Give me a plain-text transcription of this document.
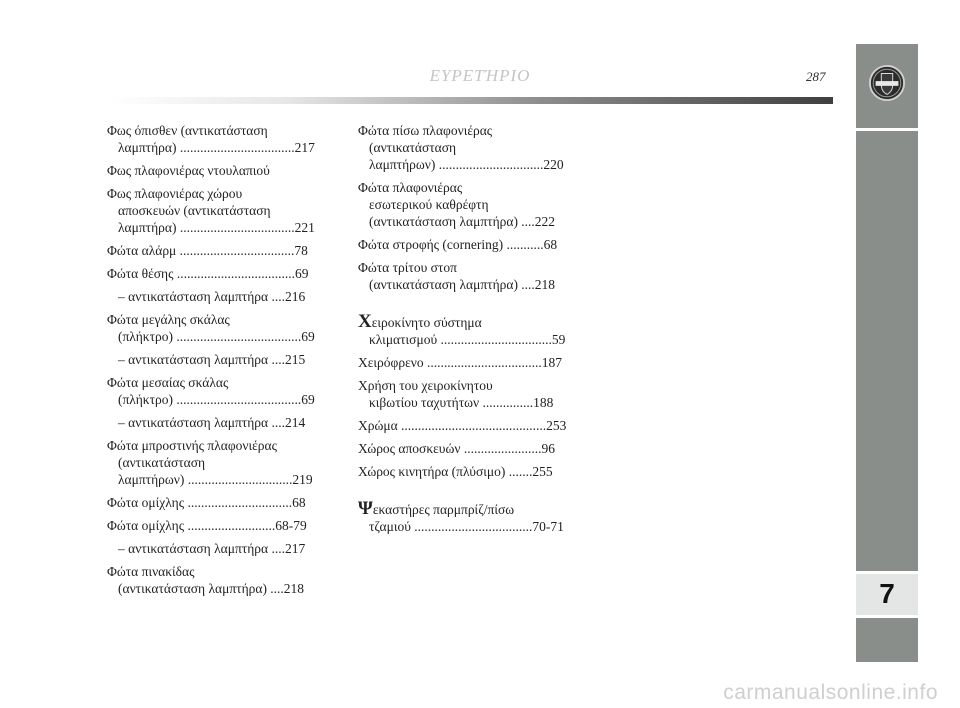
ΕΥΡΕΤΉΡΙΟ	287
7
Φως όπισθεν (αντικατάσταση
λαμπτήρα) ..................................217
Φως πλαφονιέρας ντουλαπιού
Φως πλαφονιέρας χώρου
αποσκευών (αντικατάσταση
λαμπτήρα) ..................................221
Φώτα αλάρμ ..................................78
Φώτα θέσης ...................................69
– αντικατάσταση λαμπτήρα ....216
Φώτα μεγάλης σκάλας
(πλήκτρο) .....................................69
– αντικατάσταση λαμπτήρα ....215
Φώτα μεσαίας σκάλας
(πλήκτρο) .....................................69
– αντικατάσταση λαμπτήρα ....214
Φώτα μπροστινής πλαφονιέρας
(αντικατάσταση
λαμπτήρων) ...............................219
Φώτα ομίχλης ...............................68
Φώτα ομίχλης ..........................68-79
– αντικατάσταση λαμπτήρα ....217
Φώτα πινακίδας
(αντικατάσταση λαμπτήρα) ....218
Φώτα πίσω πλαφονιέρας
(αντικατάσταση
λαμπτήρων) ...............................220
Φώτα πλαφονιέρας
εσωτερικού καθρέφτη
(αντικατάσταση λαμπτήρα) ....222
Φώτα στροφής (cornering) ...........68
Φώτα τρίτου στοπ
(αντικατάσταση λαμπτήρα) ....218
Χειροκίνητο σύστημα
κλιματισμού .................................59
Χειρόφρενο ..................................187
Χρήση του χειροκίνητου
κιβωτίου ταχυτήτων ...............188
Χρώμα ...........................................253
Χώρος αποσκευών .......................96
Χώρος κινητήρα (πλύσιμο) .......255
Ψεκαστήρες παρμπρίζ/πίσω
τζαμιού ...................................70-71
carmanualsonline.info
